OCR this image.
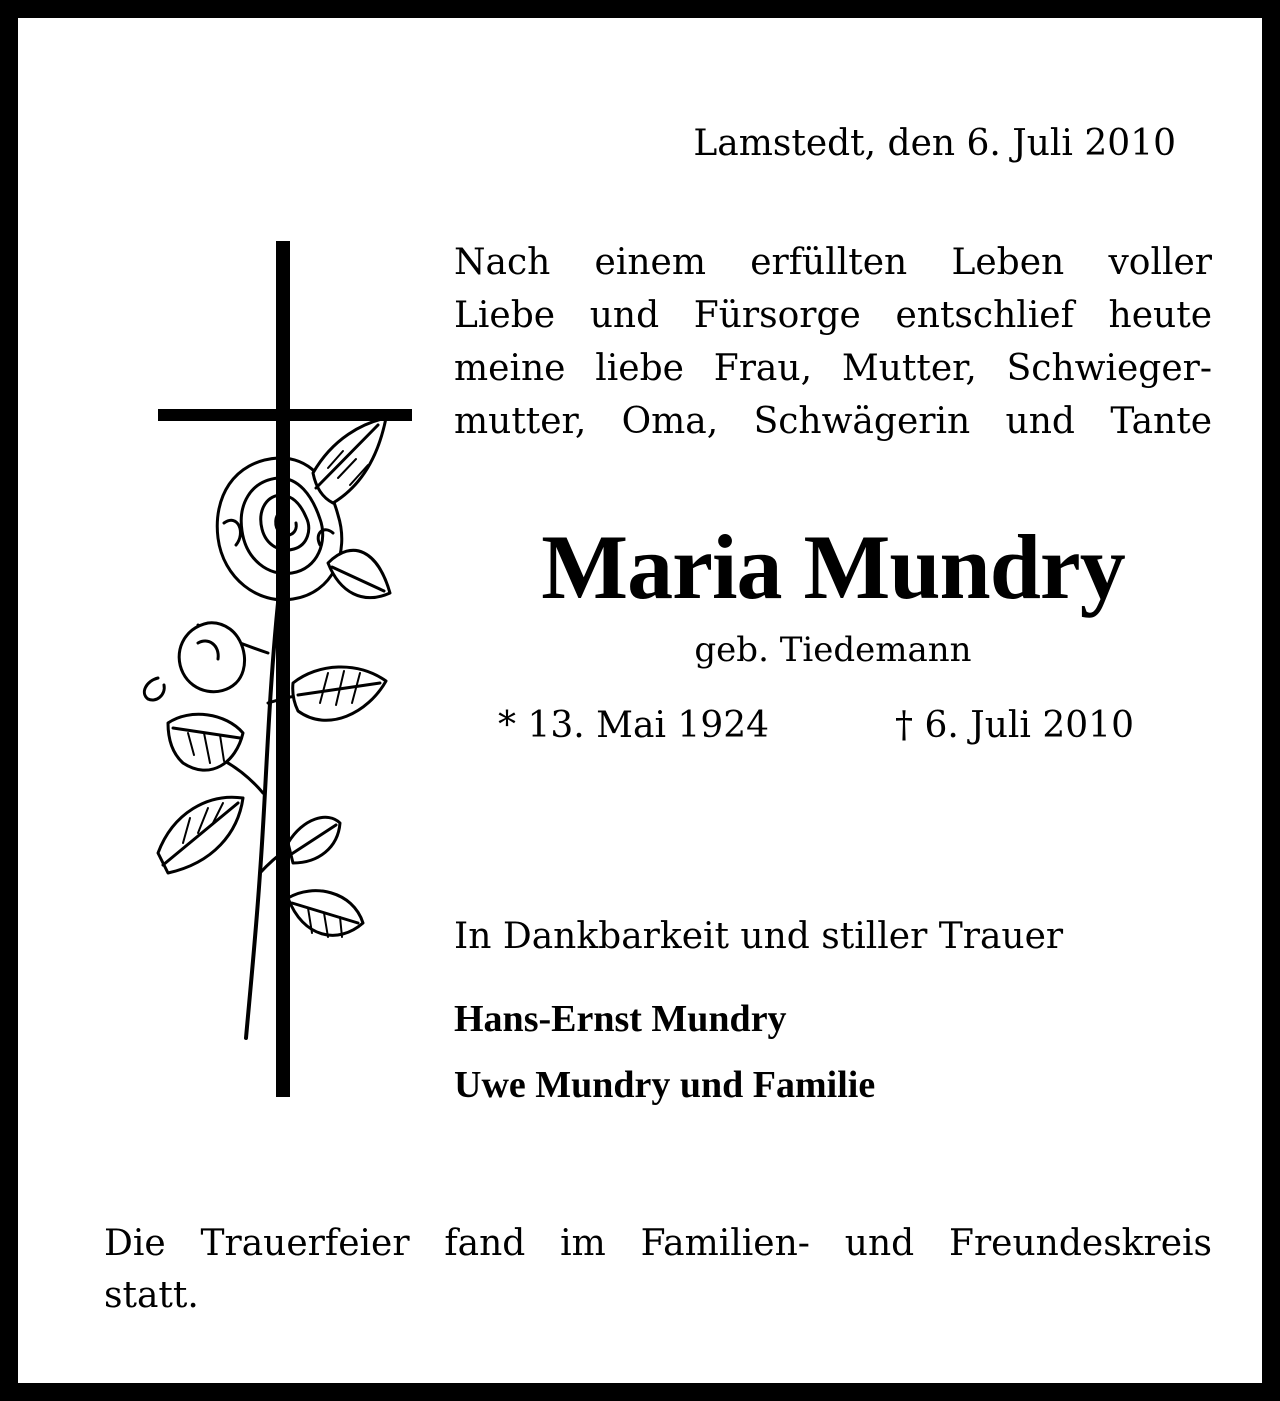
Lamstedt, den 6. Juli 2010
Nach einem erfüllten Leben voller
Liebe und Fürsorge entschlief heute
meine liebe Frau, Mutter, Schwieger-
mutter, Oma, Schwägerin und Tante
Maria Mundry
geb. Tiedemann
* 13. Mai 1924	† 6. Juli 2010
In Dankbarkeit und stiller Trauer
Hans-Ernst Mundry
Uwe Mundry und Familie
Die Trauerfeier fand im Familien- und Freundeskreis
statt.
